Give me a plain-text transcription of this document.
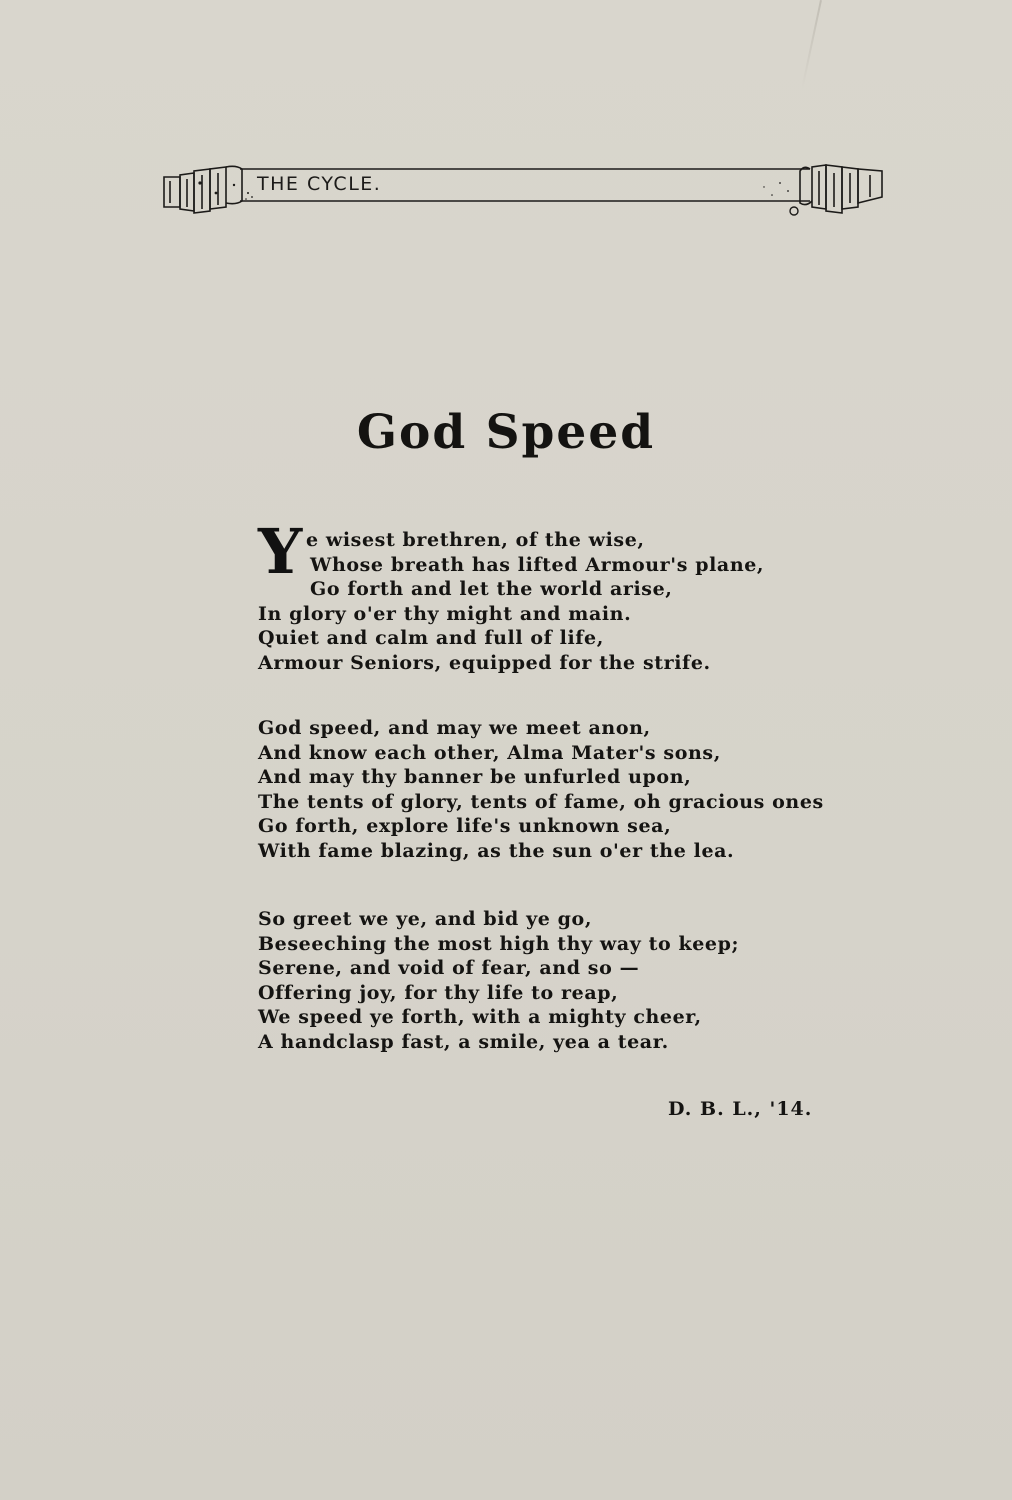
THE CYCLE.
God Speed
Y e wisest brethren, of the wise,
Whose breath has lifted Armour's plane,
Go forth and let the world arise,
In glory o'er thy might and main.
Quiet and calm and full of life,
Armour Seniors, equipped for the strife.
God speed, and may we meet anon,
And know each other, Alma Mater's sons,
And may thy banner be unfurled upon,
The tents of glory, tents of fame, oh gracious ones
Go forth, explore life's unknown sea,
With fame blazing, as the sun o'er the lea.
So greet we ye, and bid ye go,
Beseeching the most high thy way to keep;
Serene, and void of fear, and so —
Offering joy, for thy life to reap,
We speed ye forth, with a mighty cheer,
A handclasp fast, a smile, yea a tear.
D. B. L., '14.
